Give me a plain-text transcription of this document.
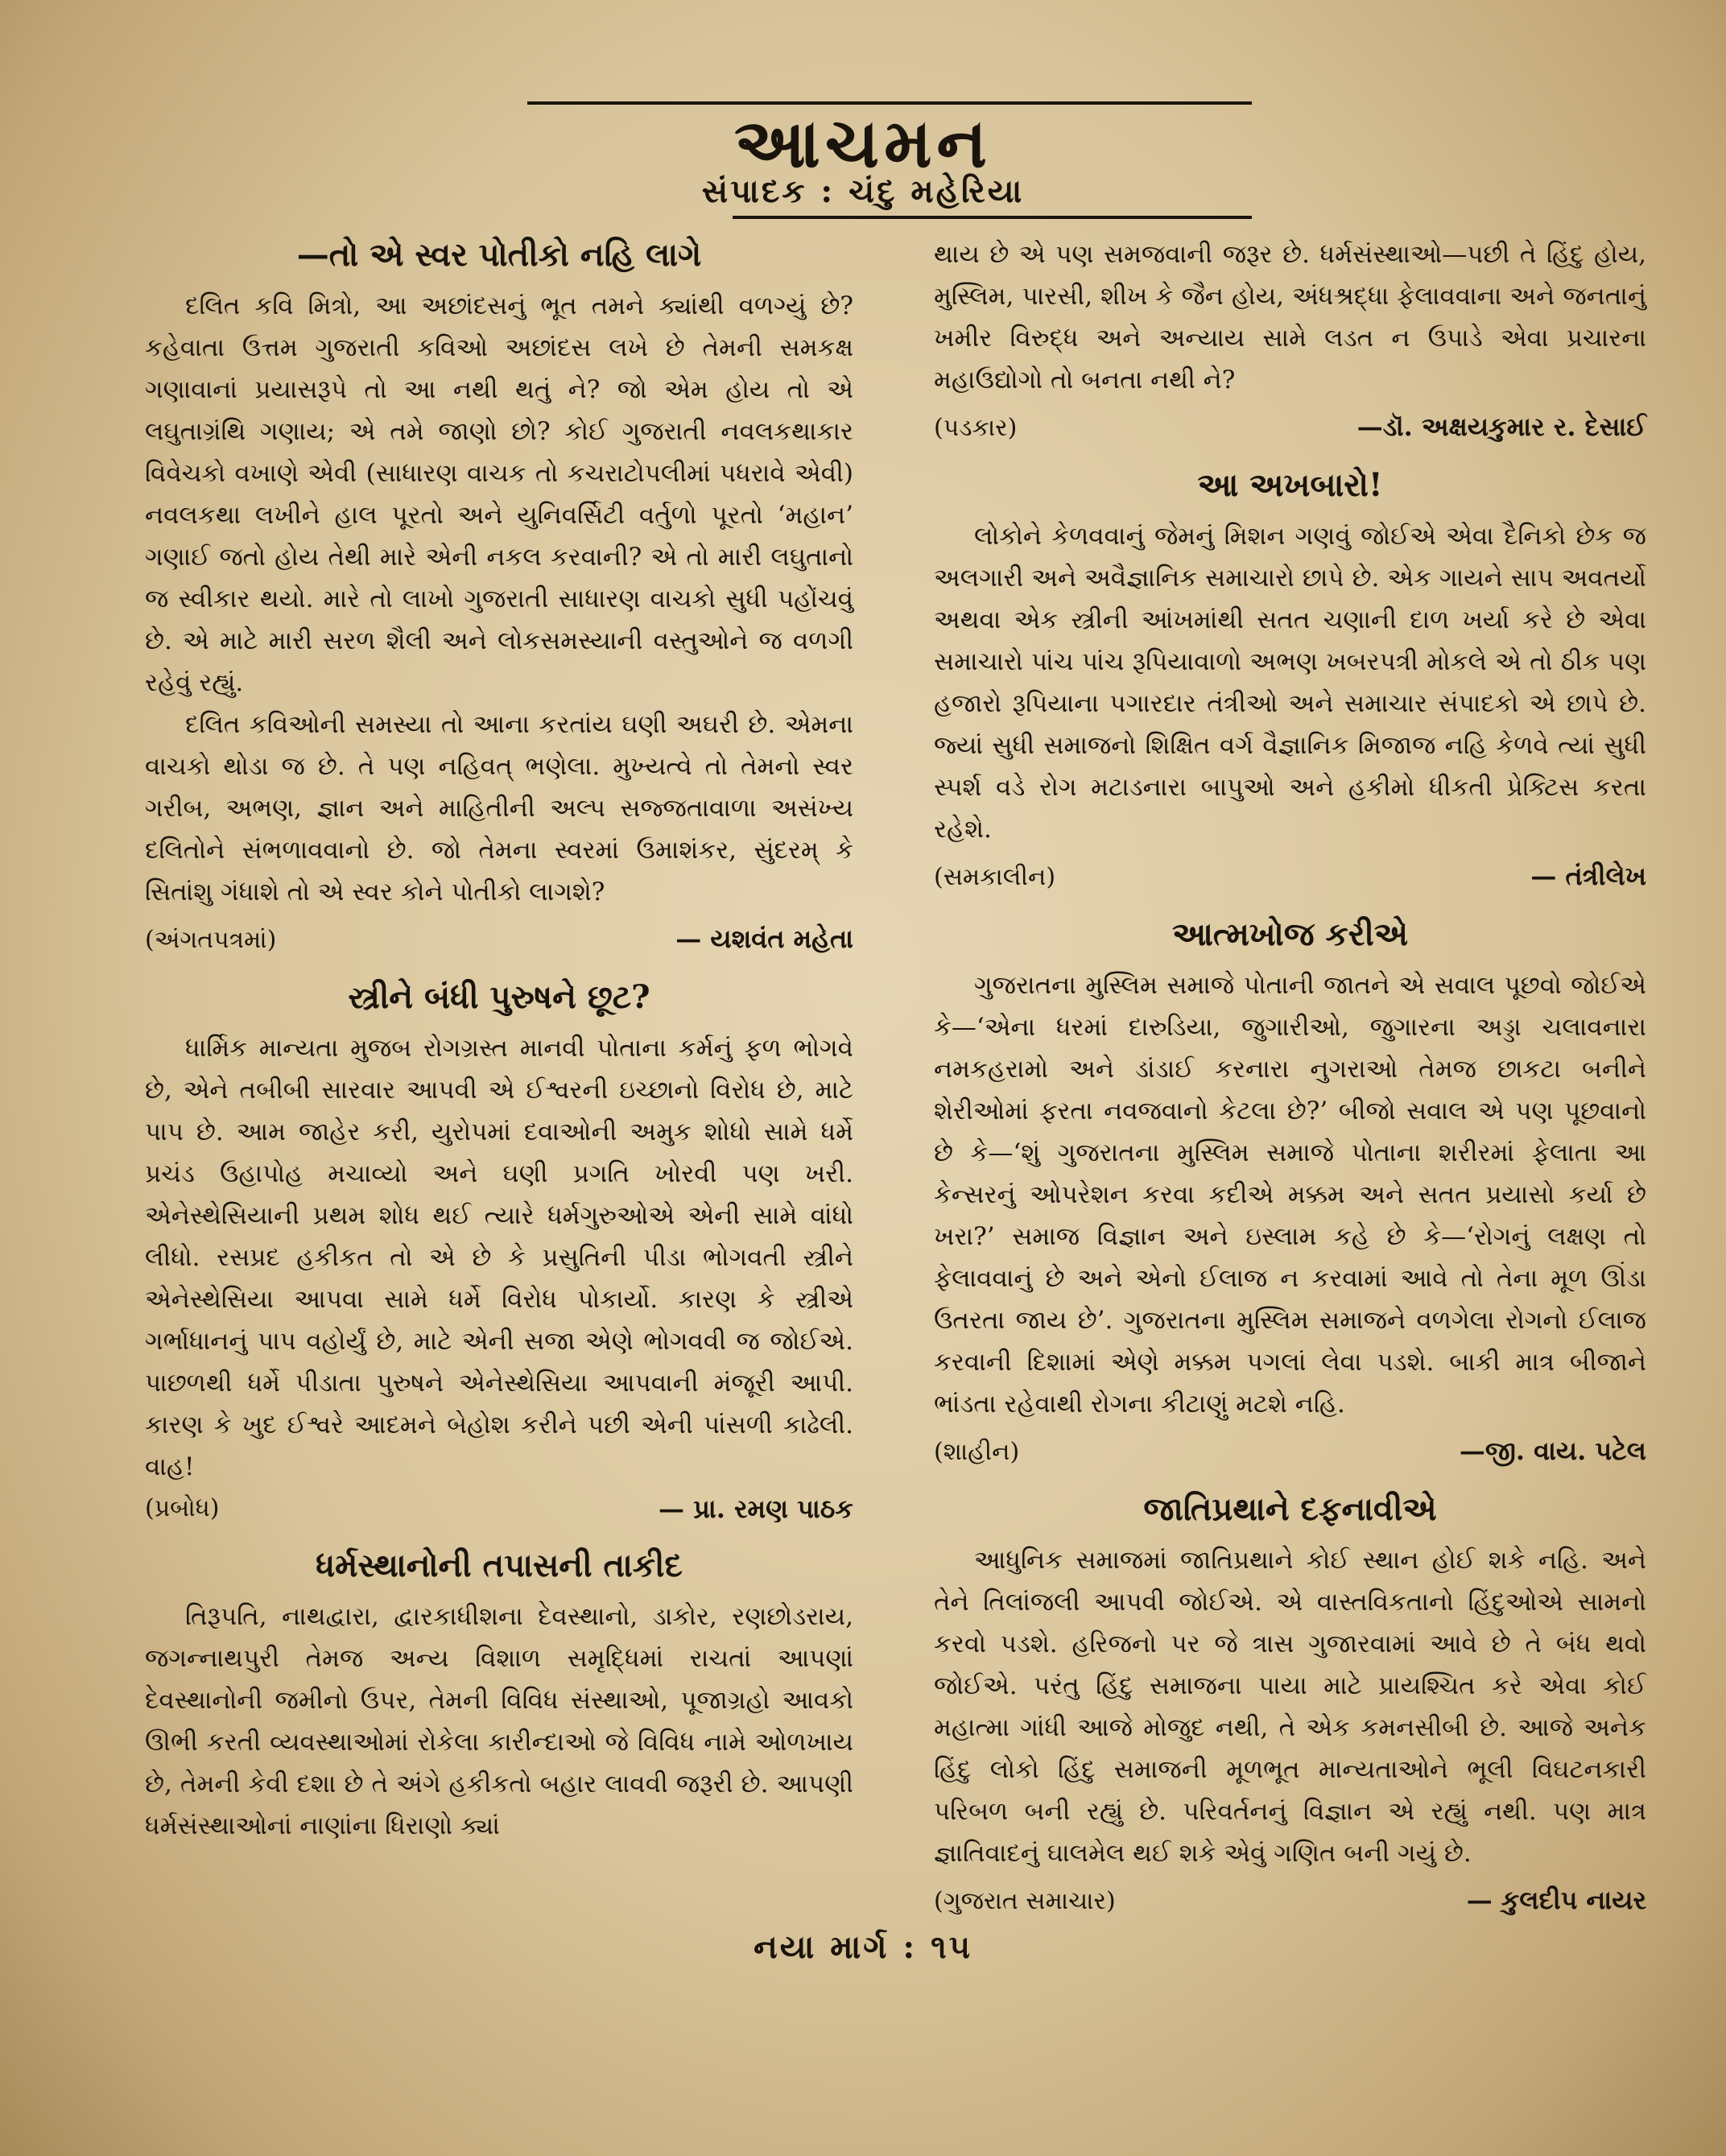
આચમન
સંપાદક : ચંદુ મહેરિયા
—તો એ સ્વર પોતીકો નહિ લાગે

દલિત કવિ મિત્રો, આ અછાંદસનું ભૂત તમને ક્યાંથી વળગ્યું છે? કહેવાતા ઉત્તમ ગુજરાતી કવિઓ અછાંદસ લખે છે તેમની સમકક્ષ ગણાવાનાં પ્રયાસરૂપે તો આ નથી થતું ને? જો એમ હોય તો એ લઘુતાગ્રંથિ ગણાય; એ તમે જાણો છો? કોઈ ગુજરાતી નવલકથાકાર વિવેચકો વખાણે એવી (સાધારણ વાચક તો કચરાટોપલીમાં પધરાવે એવી) નવલકથા લખીને હાલ પૂરતો અને યુનિવર્સિટી વર્તુળો પૂરતો ‘મહાન’ ગણાઈ જતો હોય તેથી મારે એની નકલ કરવાની? એ તો મારી લઘુતાનો જ સ્વીકાર થયો. મારે તો લાખો ગુજરાતી સાધારણ વાચકો સુધી પહોંચવું છે. એ માટે મારી સરળ શૈલી અને લોકસમસ્યાની વસ્તુઓને જ વળગી રહેવું રહ્યું.

દલિત કવિઓની સમસ્યા તો આના કરતાંય ઘણી અઘરી છે. એમના વાચકો થોડા જ છે. તે પણ નહિવત્ ભણેલા. મુખ્યત્વે તો તેમનો સ્વર ગરીબ, અભણ, જ્ઞાન અને માહિતીની અલ્પ સજ્જતાવાળા અસંખ્ય દલિતોને સંભળાવવાનો છે. જો તેમના સ્વરમાં ઉમાશંકર, સુંદરમ્ કે સિતાંશુ ગંધાશે તો એ સ્વર કોને પોતીકો લાગશે?

(અંગતપત્રમાં)	— યશવંત મહેતા
સ્ત્રીને બંધી પુરુષને છૂટ?

ધાર્મિક માન્યતા મુજબ રોગગ્રસ્ત માનવી પોતાના કર્મનું ફળ ભોગવે છે, એને તબીબી સારવાર આપવી એ ઈશ્વરની ઇચ્છાનો વિરોધ છે, માટે પાપ છે. આમ જાહેર કરી, યુરોપમાં દવાઓની અમુક શોધો સામે ધર્મે પ્રચંડ ઉહાપોહ મચાવ્યો અને ઘણી પ્રગતિ ખોરવી પણ ખરી. એનેસ્થેસિયાની પ્રથમ શોધ થઈ ત્યારે ધર્મગુરુઓએ એની સામે વાંધો લીધો. રસપ્રદ હકીકત તો એ છે કે પ્રસુતિની પીડા ભોગવતી સ્ત્રીને એનેસ્થેસિયા આપવા સામે ધર્મે વિરોધ પોકાર્યો. કારણ કે સ્ત્રીએ ગર્ભાધાનનું પાપ વહોર્યું છે, માટે એની સજા એણે ભોગવવી જ જોઈએ. પાછળથી ધર્મે પીડાતા પુરુષને એનેસ્થેસિયા આપવાની મંજૂરી આપી. કારણ કે ખુદ ઈશ્વરે આદમને બેહોશ કરીને પછી એની પાંસળી કાઢેલી. વાહ!

(પ્રબોધ)	— પ્રા. રમણ પાઠક
ધર્મસ્થાનોની તપાસની તાકીદ

તિરૂપતિ, નાથદ્વારા, દ્વારકાધીશના દેવસ્થાનો, ડાકોર, રણછોડરાય, જગન્નાથપુરી તેમજ અન્ય વિશાળ સમૃદ્ધિમાં રાચતાં આપણાં દેવસ્થાનોની જમીનો ઉપર, તેમની વિવિધ સંસ્થાઓ, પૂજાગ્રહો આવકો ઊભી કરતી વ્યવસ્થાઓમાં રોકેલા કારીન્દાઓ જે વિવિધ નામે ઓળખાય છે, તેમની કેવી દશા છે તે અંગે હકીકતો બહાર લાવવી જરૂરી છે. આપણી ધર્મસંસ્થાઓનાં નાણાંના ધિરાણો ક્યાં

થાય છે એ પણ સમજવાની જરૂર છે. ધર્મસંસ્થાઓ—પછી તે હિંદુ હોય, મુસ્લિમ, પારસી, શીખ કે જૈન હોય, અંધશ્રદ્ધા ફેલાવવાના અને જનતાનું ખમીર વિરુદ્ધ અને અન્યાય સામે લડત ન ઉપાડે એવા પ્રચારના મહાઉદ્યોગો તો બનતા નથી ને?

(પડકાર)	—ડૉ. અક્ષયકુમાર ર. દેસાઈ
આ અખબારો!

લોકોને કેળવવાનું જેમનું મિશન ગણવું જોઈએ એવા દૈનિકો છેક જ અલગારી અને અવૈજ્ઞાનિક સમાચારો છાપે છે. એક ગાયને સાપ અવતર્યો અથવા એક સ્ત્રીની આંખમાંથી સતત ચણાની દાળ ખર્યા કરે છે એવા સમાચારો પાંચ પાંચ રૂપિયાવાળો અભણ ખબરપત્રી મોકલે એ તો ઠીક પણ હજારો રૂપિયાના પગારદાર તંત્રીઓ અને સમાચાર સંપાદકો એ છાપે છે. જ્યાં સુધી સમાજનો શિક્ષિત વર્ગ વૈજ્ઞાનિક મિજાજ નહિ કેળવે ત્યાં સુધી સ્પર્શ વડે રોગ મટાડનારા બાપુઓ અને હકીમો ધીકતી પ્રેક્ટિસ કરતા રહેશે.

(સમકાલીન)	— તંત્રીલેખ
આત્મખોજ કરીએ

ગુજરાતના મુસ્લિમ સમાજે પોતાની જાતને એ સવાલ પૂછવો જોઈએ કે—‘એના ધરમાં દારુડિયા, જુગારીઓ, જુગારના અડ્ડા ચલાવનારા નમકહરામો અને ડાંડાઈ કરનારા નુગરાઓ તેમજ છાકટા બનીને શેરીઓમાં ફરતા નવજવાનો કેટલા છે?’ બીજો સવાલ એ પણ પૂછવાનો છે કે—‘શું ગુજરાતના મુસ્લિમ સમાજે પોતાના શરીરમાં ફેલાતા આ કેન્સરનું ઓપરેશન કરવા કદીએ મક્કમ અને સતત પ્રયાસો કર્યા છે ખરા?’ સમાજ વિજ્ઞાન અને ઇસ્લામ કહે છે કે—‘રોગનું લક્ષણ તો ફેલાવવાનું છે અને એનો ઈલાજ ન કરવામાં આવે તો તેના મૂળ ઊંડા ઉતરતા જાય છે’. ગુજરાતના મુસ્લિમ સમાજને વળગેલા રોગનો ઈલાજ કરવાની દિશામાં એણે મક્કમ પગલાં લેવા પડશે. બાકી માત્ર બીજાને ભાંડતા રહેવાથી રોગના કીટાણું મટશે નહિ.

(શાહીન)	—જી. વાય. પટેલ
જાતિપ્રથાને દફનાવીએ

આધુનિક સમાજમાં જાતિપ્રથાને કોઈ સ્થાન હોઈ શકે નહિ. અને તેને તિલાંજલી આપવી જોઈએ. એ વાસ્તવિકતાનો હિંદુઓએ સામનો કરવો પડશે. હરિજનો પર જે ત્રાસ ગુજારવામાં આવે છે તે બંધ થવો જોઈએ. પરંતુ હિંદુ સમાજના પાયા માટે પ્રાયશ્ચિત કરે એવા કોઈ મહાત્મા ગાંધી આજે મોજુદ નથી, તે એક કમનસીબી છે. આજે અનેક હિંદુ લોકો હિંદુ સમાજની મૂળભૂત માન્યતાઓને ભૂલી વિઘટનકારી પરિબળ બની રહ્યું છે. પરિવર્તનનું વિજ્ઞાન એ રહ્યું નથી. પણ માત્ર જ્ઞાતિવાદનું ઘાલમેલ થઈ શકે એવું ગણિત બની ગયું છે.

(ગુજરાત સમાચાર)	— કુલદીપ નાયર
નયા માર્ગ : ૧૫
